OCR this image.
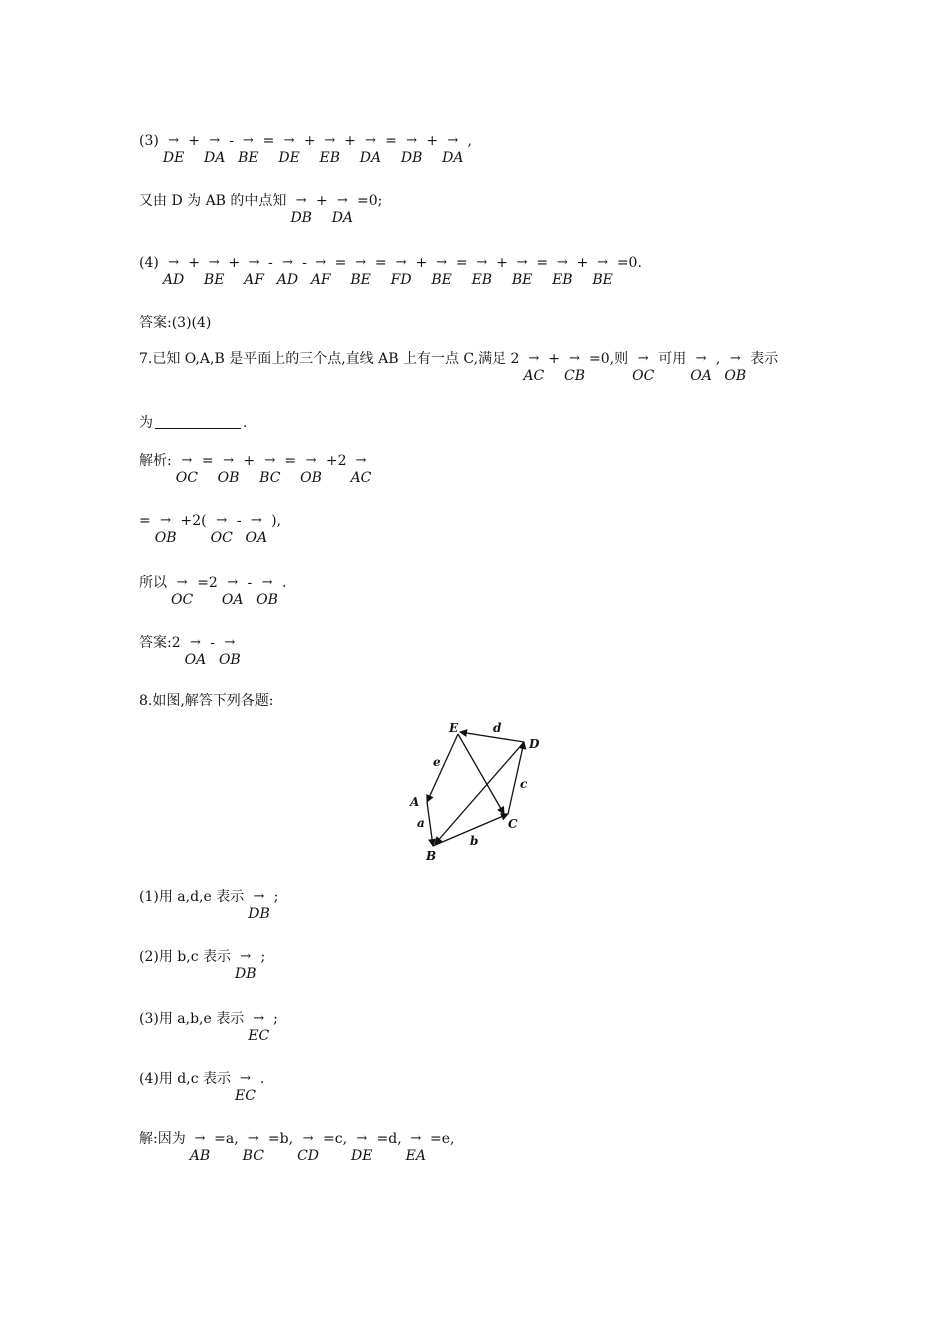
(3) →
DE
+ →
DA
- →
BE
= →
DE
+ →
EB
+ →
DA
= →
DB
+ →
DA
,
又由 D 为 AB 的中点知 →
DB
+ →
DA
=0;
(4) →
AD
+ →
BE
+ →
AF
- →
AD
- →
AF
= →
BE
= →
FD
+ →
BE
= →
EB
+ →
BE
= →
EB
+ →
BE
=0.
答案:(3)(4)
7.已知 O,A,B 是平面上的三个点,直线 AB 上有一点 C,满足 2 →
AC
+ →
CB
=0,则 →
OC
可用 →
OA
, →
OB
表示
为	.
解析: →
OC
= →
OB
+ →
BC
= →
OB
+2 →
AC
= →
OB
+2( →
OC
- →
OA
),
所以 →
OC
=2 →
OA
- →
OB
.
答案:2 →
OA
- →
OB
8.如图,解答下列各题:
(1)用 a,d,e 表示 →
DB
;
(2)用 b,c 表示 →
DB
;
(3)用 a,b,e 表示 →
EC
;
(4)用 d,c 表示 →
EC
.
解:因为 →
AB
=a, →
BC
=b, →
CD
=c, →
DE
=d, →
EA
=e,
E
D
A
C
B
d
e
c
a
b
